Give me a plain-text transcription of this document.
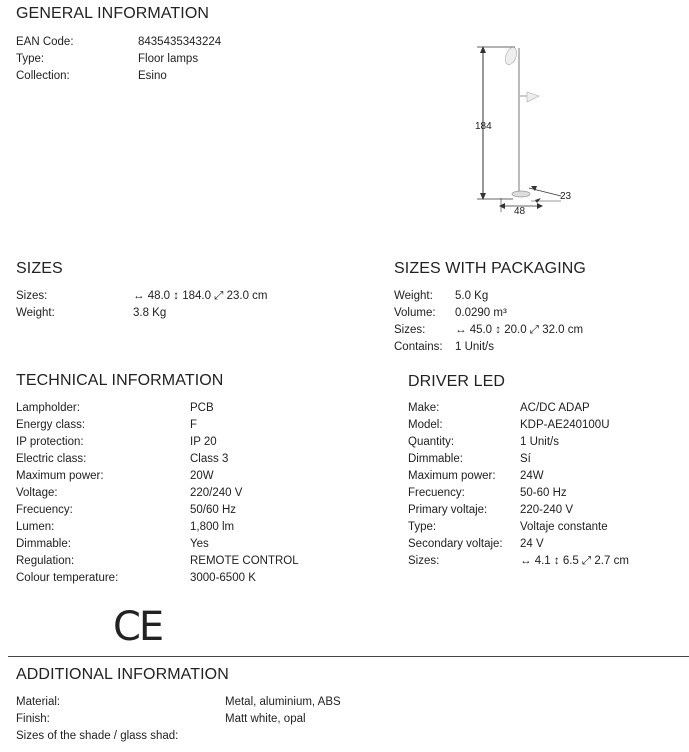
GENERAL INFORMATION
EAN Code:	8435435343224
Type:	Floor lamps
Collection:	Esino
184
48
23
SIZES
Sizes:	↔ 48.0 ↕ 184.0 ⤢ 23.0 cm
Weight:	3.8 Kg
SIZES WITH PACKAGING
Weight: 5.0 Kg
Volume: 0.0290 m³
Sizes:	↔ 45.0 ↕ 20.0 ⤢ 32.0 cm
Contains: 1 Unit/s
TECHNICAL INFORMATION
Lampholder:	PCB
Energy class:	F
IP protection:	IP 20
Electric class:	Class 3
Maximum power:	20W
Voltage:	220/240 V
Frecuency:	50/60 Hz
Lumen:	1,800 lm
Dimmable:	Yes
Regulation:	REMOTE CONTROL
Colour temperature:	3000-6500 K
DRIVER LED
Make:	AC/DC ADAP
Model:	KDP-AE240100U
Quantity:	1 Unit/s
Dimmable:	Sí
Maximum power: 24W
Frecuency:	50-60 Hz
Primary voltaje:	220-240 V
Type:	Voltaje constante
Secondary voltaje: 24 V
Sizes:	↔ 4.1 ↕ 6.5 ⤢ 2.7 cm
CE
ADDITIONAL INFORMATION
Material:	Metal, aluminium, ABS
Finish:	Matt white, opal
Sizes of the shade / glass shad:
